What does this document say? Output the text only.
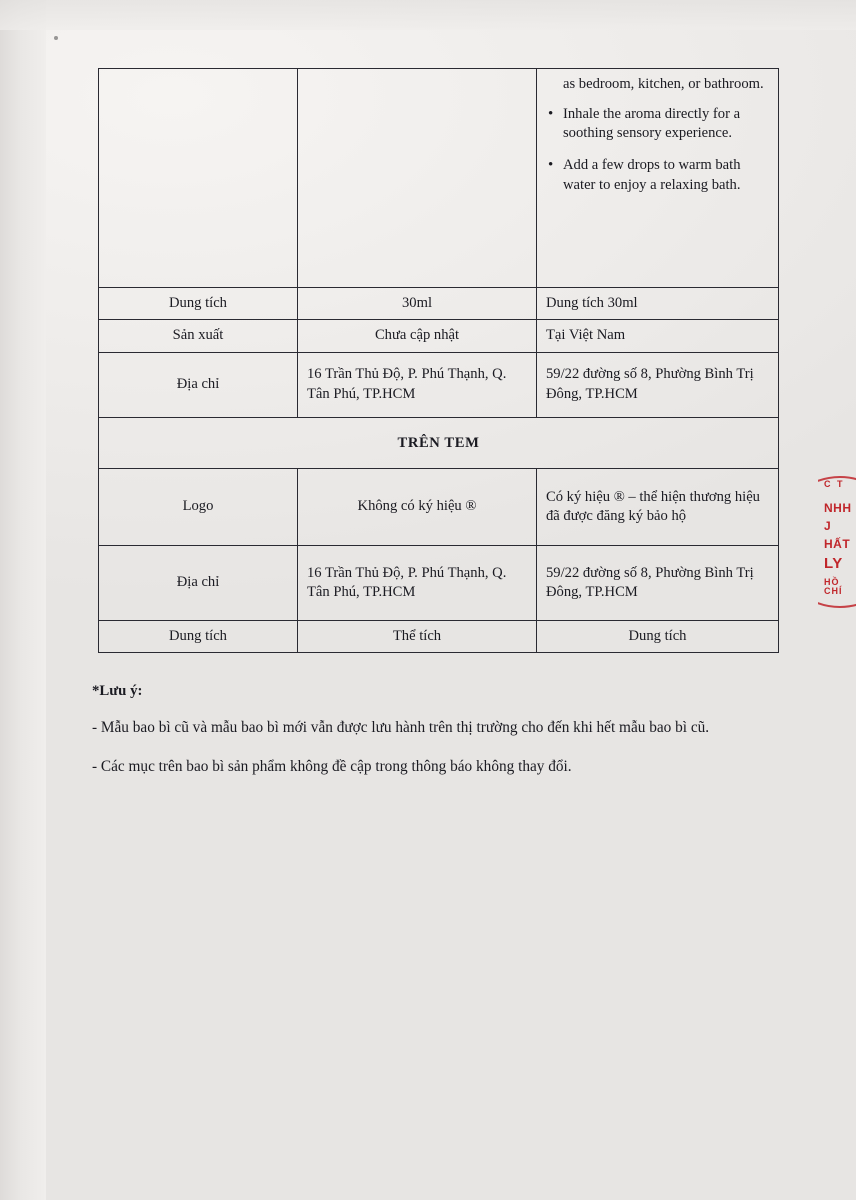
as bedroom, kitchen, or bathroom.
• Inhale the aroma directly for a soothing sensory experience.
• Add a few drops to warm bath water to enjoy a relaxing bath.

Dung tích	30ml	Dung tích 30ml
Sản xuất	Chưa cập nhật	Tại Việt Nam
Địa chỉ	16 Trần Thủ Độ, P. Phú Thạnh, Q. Tân Phú, TP.HCM	59/22 đường số 8, Phường Bình Trị Đông, TP.HCM
TRÊN TEM		
Logo	Không có ký hiệu ®	Có ký hiệu ® – thể hiện thương hiệu đã được đăng ký bảo hộ
Địa chỉ	16 Trần Thủ Độ, P. Phú Thạnh, Q. Tân Phú, TP.HCM	59/22 đường số 8, Phường Bình Trị Đông, TP.HCM
Dung tích	Thể tích	Dung tích
*Lưu ý:

- Mẫu bao bì cũ và mẫu bao bì mới vẫn được lưu hành trên thị trường cho đến khi hết mẫu bao bì cũ.

- Các mục trên bao bì sản phẩm không đề cập trong thông báo không thay đổi.

C T
NHH
J
HẤT
LY
HỒ CHÍ
